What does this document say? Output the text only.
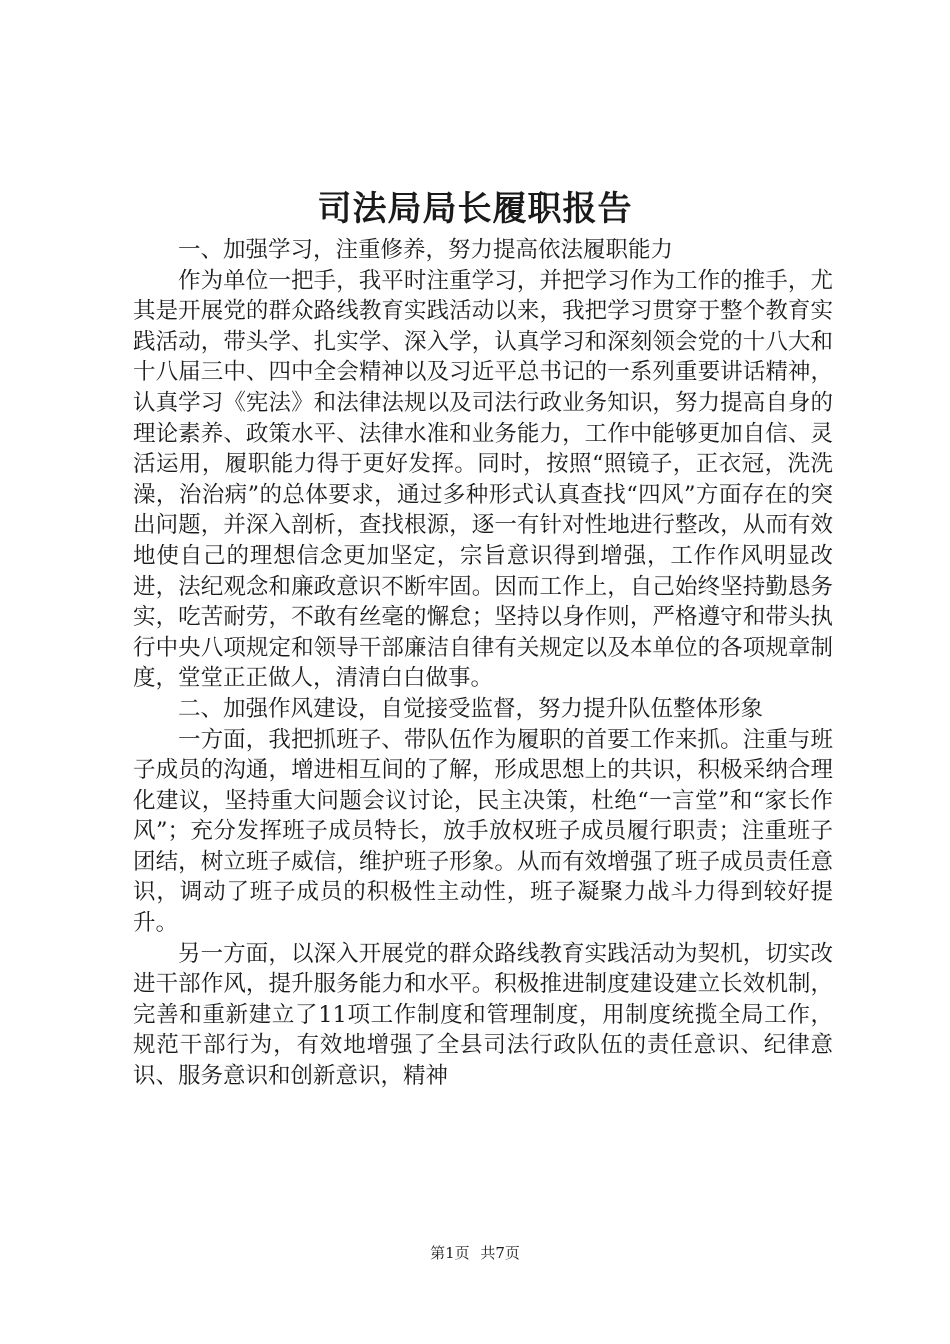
司法局局长履职报告

一、加强学习，注重修养，努力提高依法履职能力

作为单位一把手，我平时注重学习，并把学习作为工作的推手，尤其是开展党的群众路线教育实践活动以来，我把学习贯穿于整个教育实践活动，带头学、扎实学、深入学，认真学习和深刻领会党的十八大和十八届三中、四中全会精神以及习近平总书记的一系列重要讲话精神，认真学习《宪法》和法律法规以及司法行政业务知识，努力提高自身的理论素养、政策水平、法律水准和业务能力，工作中能够更加自信、灵活运用，履职能力得于更好发挥。同时，按照“照镜子，正衣冠，洗洗澡，治治病”的总体要求，通过多种形式认真查找“四风”方面存在的突出问题，并深入剖析，查找根源，逐一有针对性地进行整改，从而有效地使自己的理想信念更加坚定，宗旨意识得到增强，工作作风明显改进，法纪观念和廉政意识不断牢固。因而工作上，自己始终坚持勤恳务实，吃苦耐劳，不敢有丝毫的懈怠；坚持以身作则，严格遵守和带头执行中央八项规定和领导干部廉洁自律有关规定以及本单位的各项规章制度，堂堂正正做人，清清白白做事。

二、加强作风建设，自觉接受监督，努力提升队伍整体形象

一方面，我把抓班子、带队伍作为履职的首要工作来抓。注重与班子成员的沟通，增进相互间的了解，形成思想上的共识，积极采纳合理化建议，坚持重大问题会议讨论，民主决策，杜绝“一言堂”和“家长作风”；充分发挥班子成员特长，放手放权班子成员履行职责；注重班子团结，树立班子威信，维护班子形象。从而有效增强了班子成员责任意识，调动了班子成员的积极性主动性，班子凝聚力战斗力得到较好提升。

另一方面，以深入开展党的群众路线教育实践活动为契机，切实改进干部作风，提升服务能力和水平。积极推进制度建设建立长效机制，完善和重新建立了11项工作制度和管理制度，用制度统揽全局工作，规范干部行为，有效地增强了全县司法行政队伍的责任意识、纪律意识、服务意识和创新意识，精神

第1页 共7页
